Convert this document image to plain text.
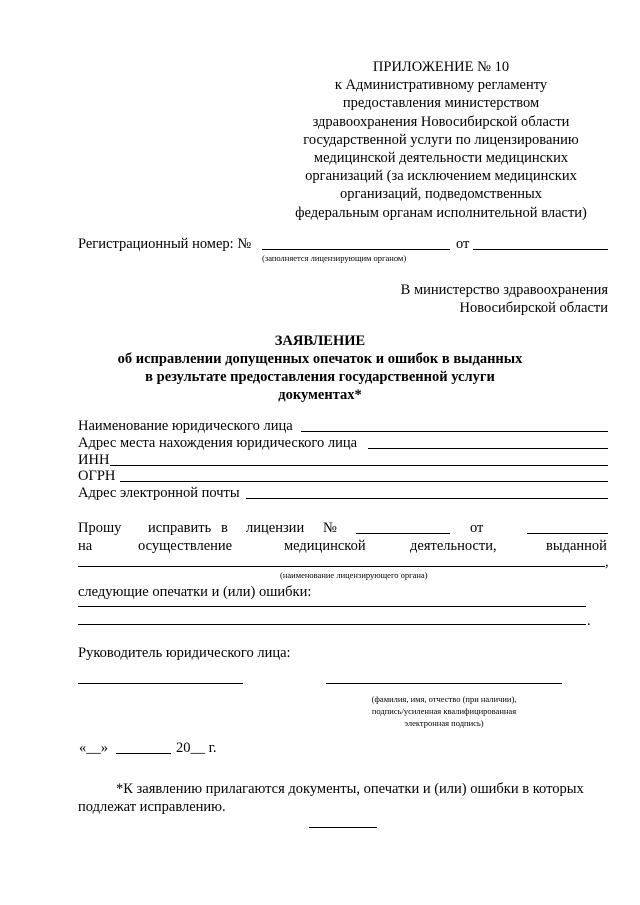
ПРИЛОЖЕНИЕ № 10
к Административному регламенту
предоставления министерством
здравоохранения Новосибирской области
государственной услуги по лицензированию
медицинской деятельности медицинских
организаций (за исключением медицинских
организаций, подведомственных
федеральным органам исполнительной власти)
Регистрационный номер: №	от
(заполняется лицензирующим органом)
В министерство здравоохранения
Новосибирской области
ЗАЯВЛЕНИЕ
об исправлении допущенных опечаток и ошибок в выданных
в результате предоставления государственной услуги
документах*
Наименование юридического лица
Адрес места нахождения юридического лица
ИНН
ОГРН
Адрес электронной почты
Прошу исправить в лицензии №	от
на	осуществление	медицинской	деятельности,	выданной
,
(наименование лицензирующего органа)
следующие опечатки и (или) ошибки:
.
Руководитель юридического лица:
(фамилия, имя, отчество (при наличии),
подпись/усиленная квалифицированная
электронная подпись)
«__»	20__ г.
*К заявлению прилагаются документы, опечатки и (или) ошибки в которых
подлежат исправлению.
